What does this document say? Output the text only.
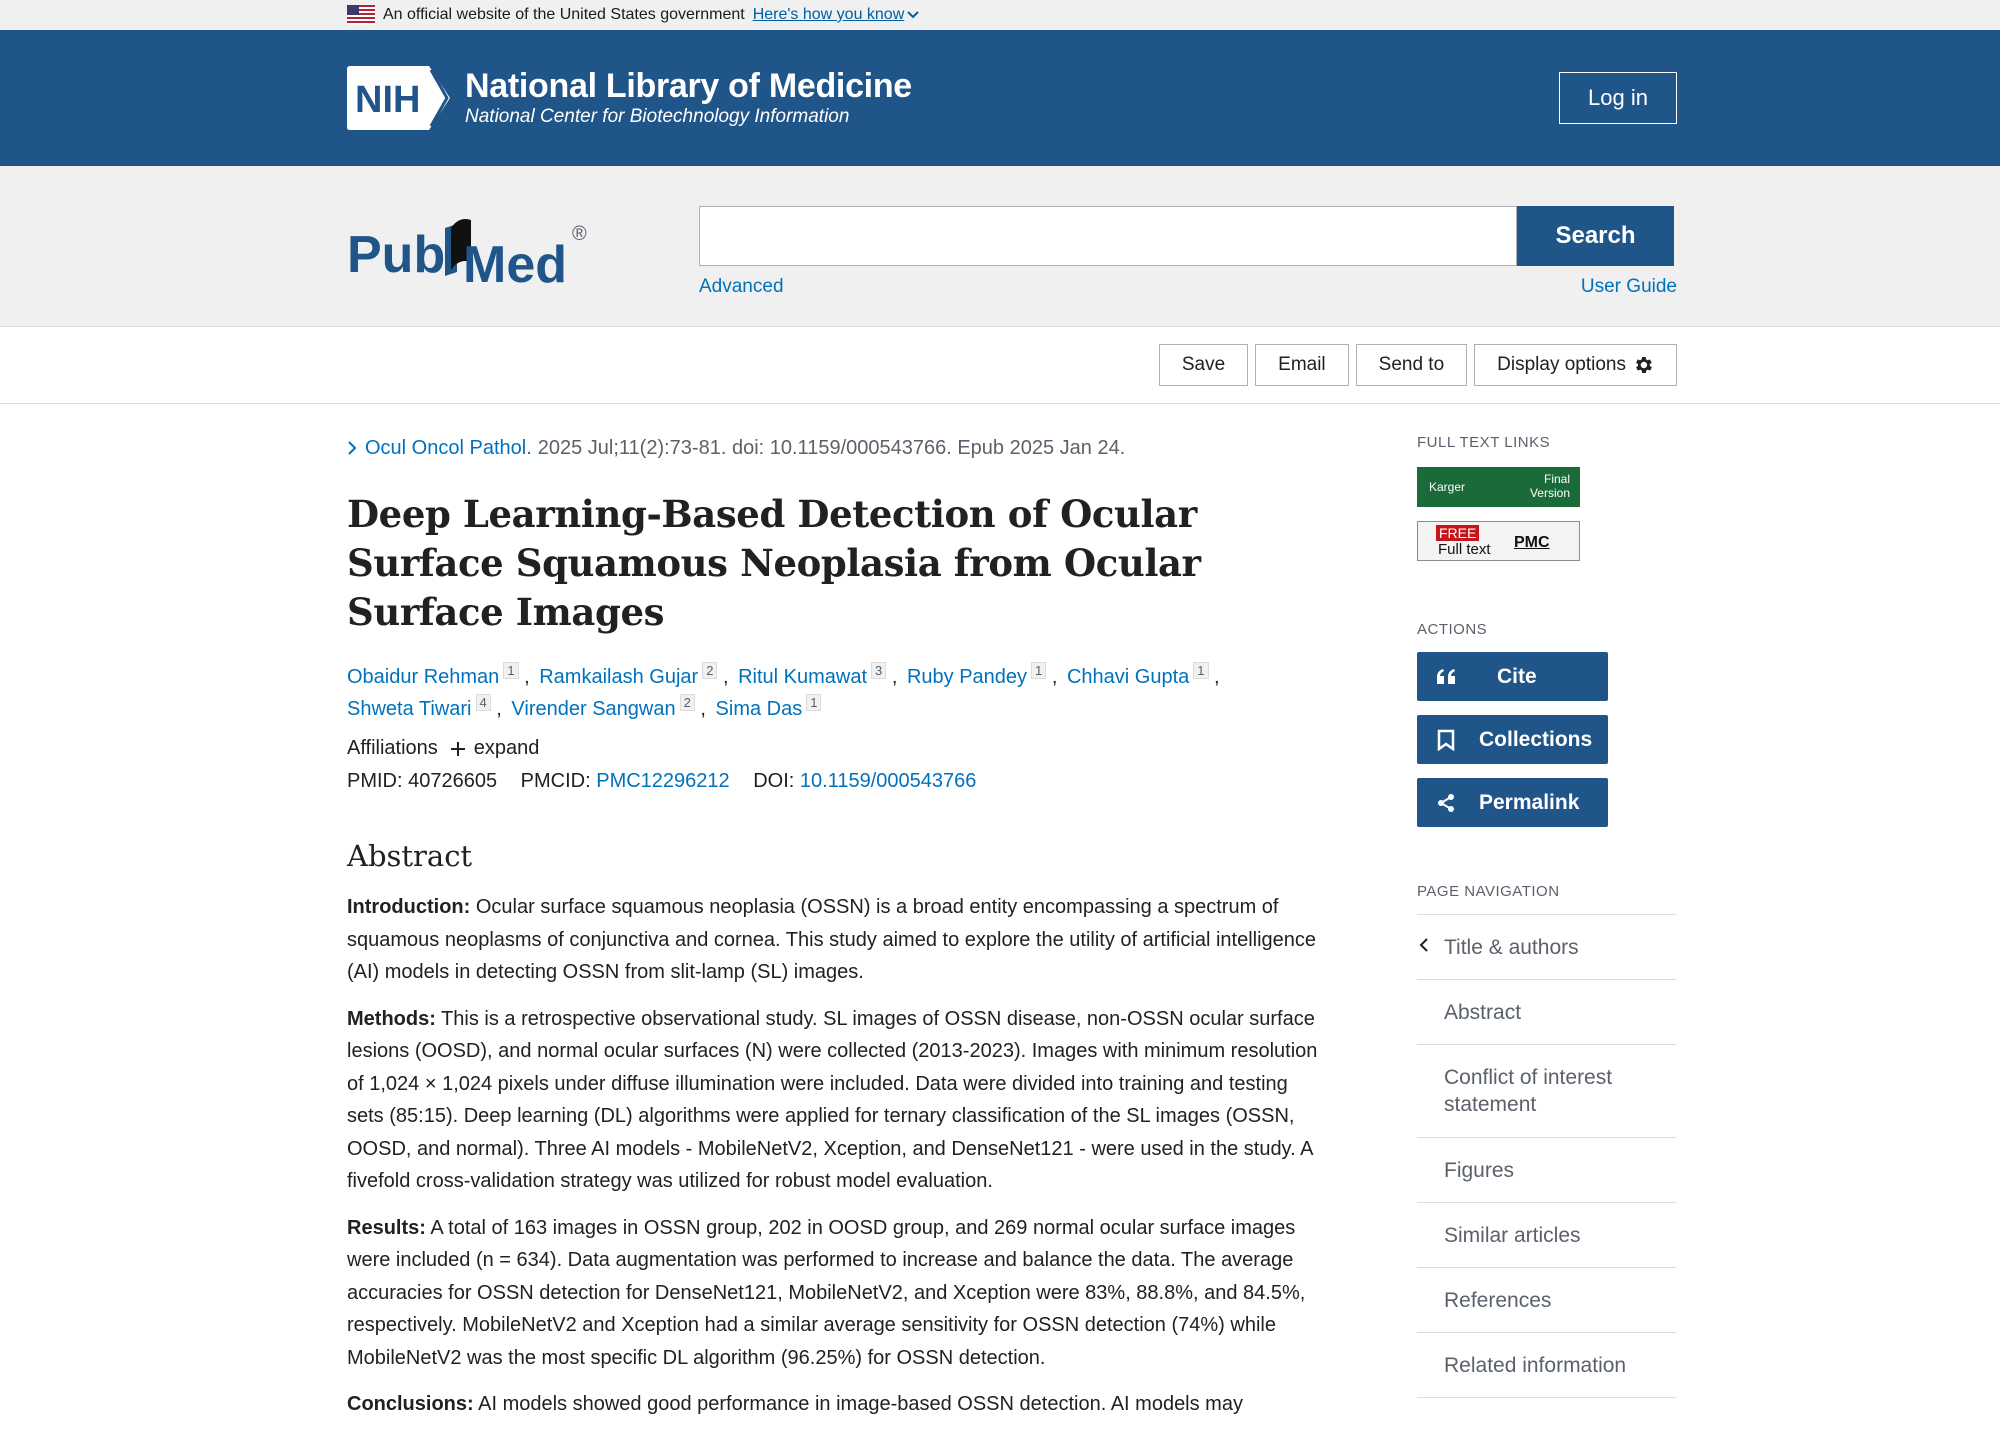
An official website of the United States government Here's how you know
NIH National Library of Medicine
National Center for Biotechnology Information
Log in
Pub Med
®	Search
Advanced	User Guide
Save	Email	Send to	Display options
Ocul Oncol Pathol. 2025 Jul;11(2):73-81. doi: 10.1159/000543766. Epub 2025 Jan 24.
Deep Learning-Based Detection of Ocular Surface Squamous Neoplasia from Ocular Surface Images
Obaidur Rehman 1 , Ramkailash Gujar 2 , Ritul Kumawat 3 , Ruby Pandey 1 , Chhavi Gupta 1 ,
Shweta Tiwari 4 , Virender Sangwan 2 , Sima Das 1
Affiliations expand
PMID: 40726605 PMCID: PMC12296212 DOI: 10.1159/000543766
Abstract

Introduction: Ocular surface squamous neoplasia (OSSN) is a broad entity encompassing a spectrum of squamous neoplasms of conjunctiva and cornea. This study aimed to explore the utility of artificial intelligence (AI) models in detecting OSSN from slit-lamp (SL) images.

Methods: This is a retrospective observational study. SL images of OSSN disease, non-OSSN ocular surface lesions (OOSD), and normal ocular surfaces (N) were collected (2013-2023). Images with minimum resolution of 1,024 × 1,024 pixels under diffuse illumination were included. Data were divided into training and testing sets (85:15). Deep learning (DL) algorithms were applied for ternary classification of the SL images (OSSN, OOSD, and normal). Three AI models - MobileNetV2, Xception, and DenseNet121 - were used in the study. A fivefold cross-validation strategy was utilized for robust model evaluation.

Results: A total of 163 images in OSSN group, 202 in OOSD group, and 269 normal ocular surface images were included (n = 634). Data augmentation was performed to increase and balance the data. The average accuracies for OSSN detection for DenseNet121, MobileNetV2, and Xception were 83%, 88.8%, and 84.5%, respectively. MobileNetV2 and Xception had a similar average sensitivity for OSSN detection (74%) while MobileNetV2 was the most specific DL algorithm (96.25%) for OSSN detection.

Conclusions: AI models showed good performance in image-based OSSN detection. AI models may

FULL TEXT LINKS
Karger
Final
Version
FREE
Full text PMC
ACTIONS
Cite
Collections
Permalink
PAGE NAVIGATION
Title & authors
Abstract
Conflict of interest statement
Figures
Similar articles
References
Related information
